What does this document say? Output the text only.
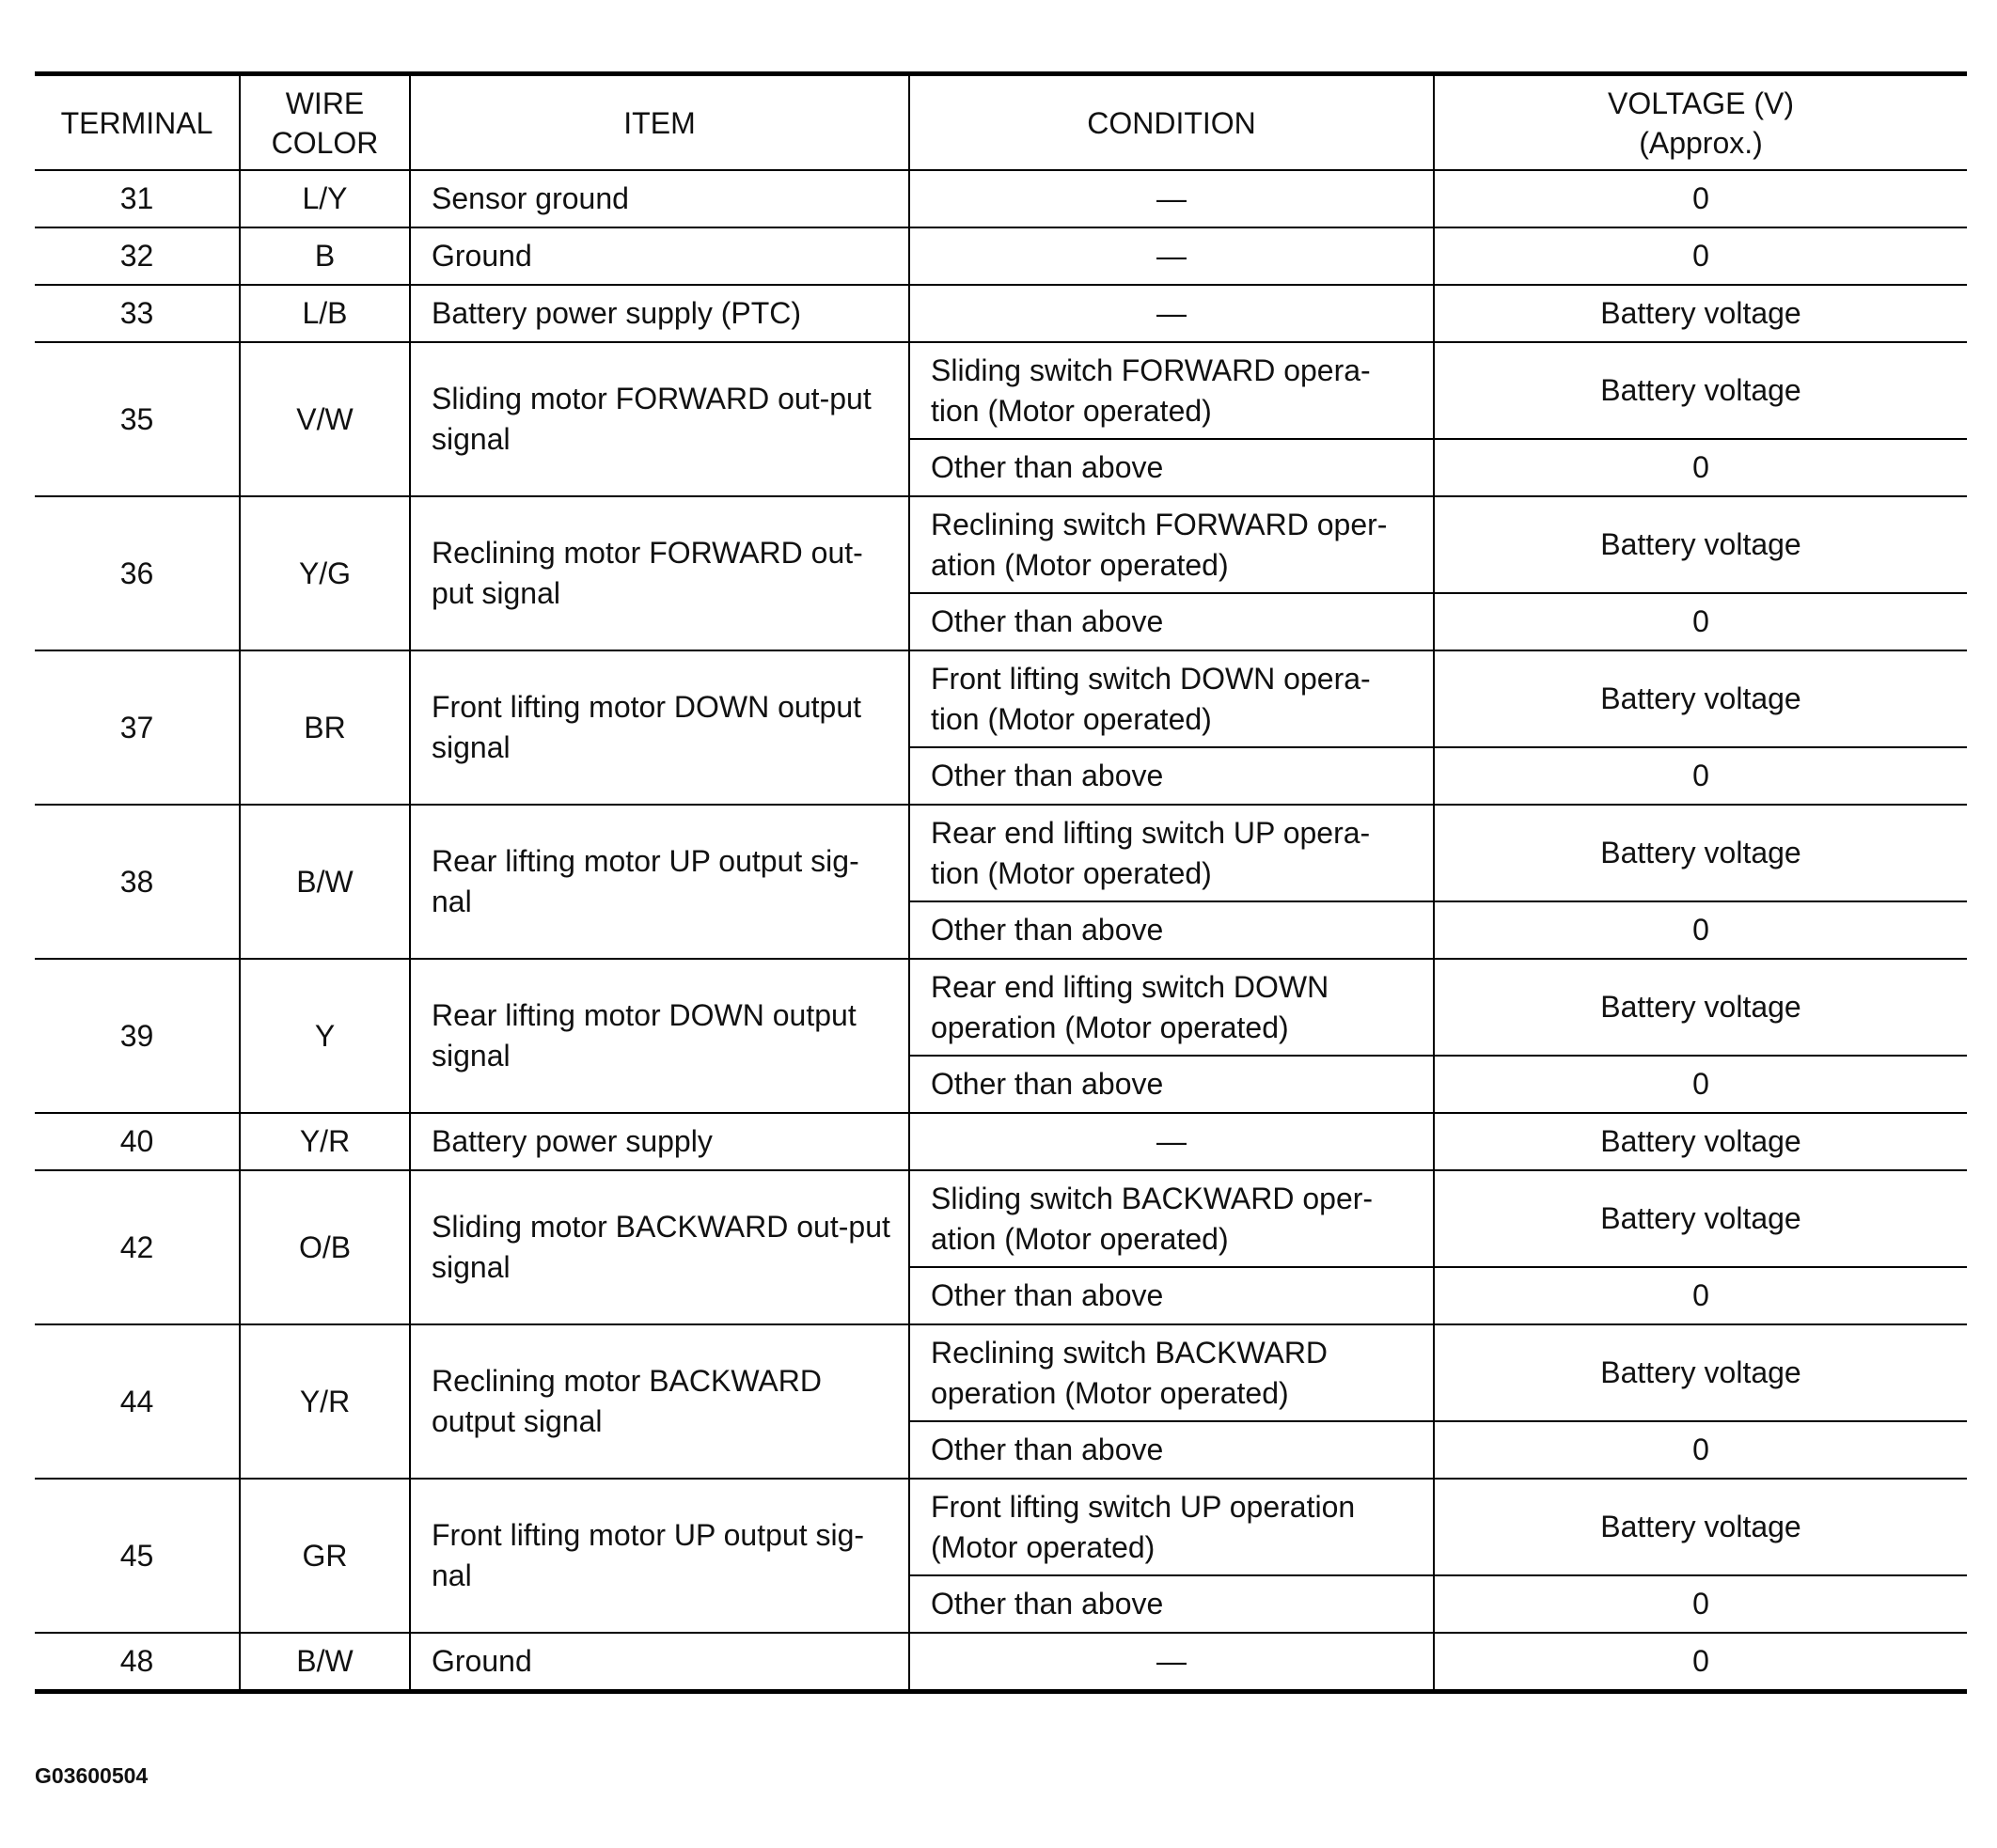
TERMINAL	WIRE COLOR	ITEM	CONDITION	VOLTAGE (V)
(Approx.)
31	L/Y	Sensor ground	—	0
32	B	Ground	—	0
33	L/B	Battery power supply (PTC)	—	Battery voltage
35	V/W	Sliding motor FORWARD out-put signal	Sliding switch FORWARD opera-tion (Motor operated)	Battery voltage
			Other than above	0
36	Y/G	Reclining motor FORWARD out-put signal	Reclining switch FORWARD oper-ation (Motor operated)	Battery voltage
			Other than above	0
37	BR	Front lifting motor DOWN output signal	Front lifting switch DOWN opera-tion (Motor operated)	Battery voltage
			Other than above	0
38	B/W	Rear lifting motor UP output sig-nal	Rear end lifting switch UP opera-tion (Motor operated)	Battery voltage
			Other than above	0
39	Y	Rear lifting motor DOWN output signal	Rear end lifting switch DOWN operation (Motor operated)	Battery voltage
			Other than above	0
40	Y/R	Battery power supply	—	Battery voltage
42	O/B	Sliding motor BACKWARD out-put signal	Sliding switch BACKWARD oper-ation (Motor operated)	Battery voltage
			Other than above	0
44	Y/R	Reclining motor BACKWARD output signal	Reclining switch BACKWARD operation (Motor operated)	Battery voltage
			Other than above	0
45	GR	Front lifting motor UP output sig-nal	Front lifting switch UP operation (Motor operated)	Battery voltage
			Other than above	0
48	B/W	Ground	—	0
G03600504
